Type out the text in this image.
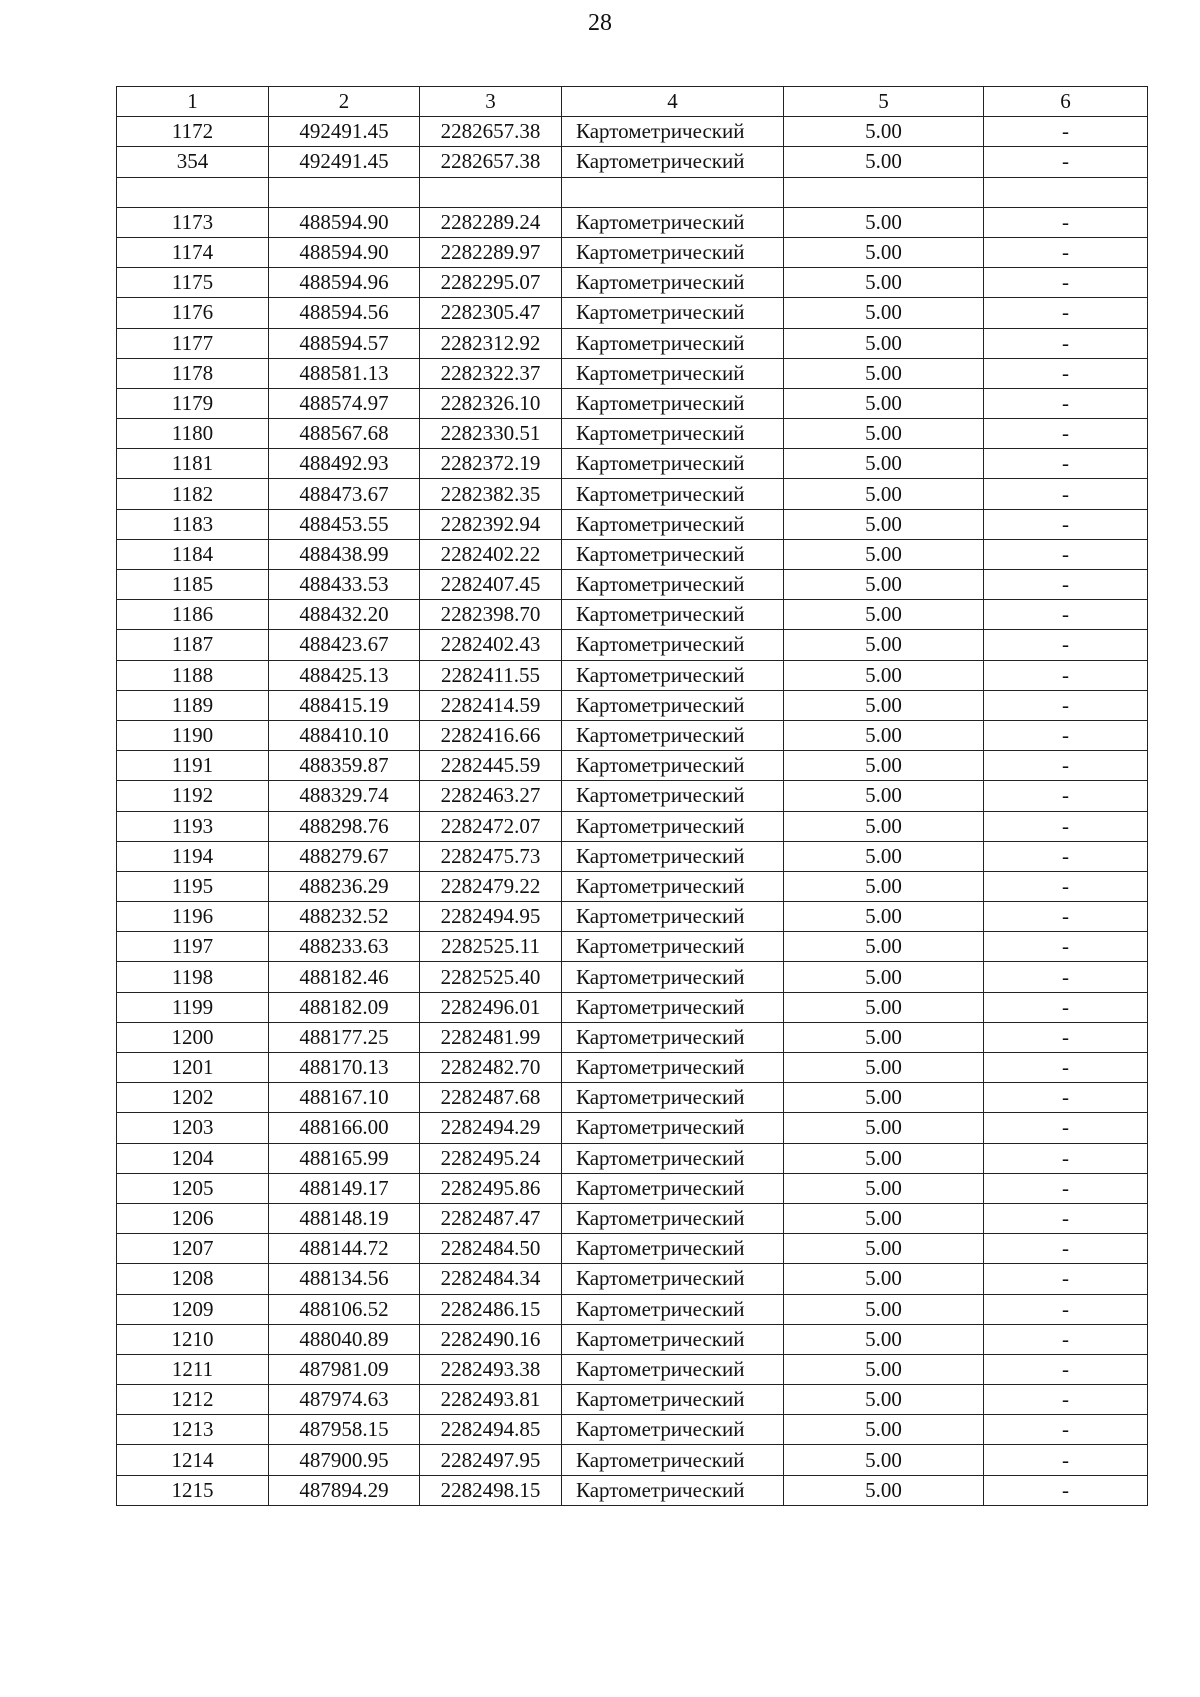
28
1	2	3	4	5	6
1172	492491.45	2282657.38	Картометрический	5.00	-
354	492491.45	2282657.38	Картометрический	5.00	-

1173	488594.90	2282289.24	Картометрический	5.00	-
1174	488594.90	2282289.97	Картометрический	5.00	-
1175	488594.96	2282295.07	Картометрический	5.00	-
1176	488594.56	2282305.47	Картометрический	5.00	-
1177	488594.57	2282312.92	Картометрический	5.00	-
1178	488581.13	2282322.37	Картометрический	5.00	-
1179	488574.97	2282326.10	Картометрический	5.00	-
1180	488567.68	2282330.51	Картометрический	5.00	-
1181	488492.93	2282372.19	Картометрический	5.00	-
1182	488473.67	2282382.35	Картометрический	5.00	-
1183	488453.55	2282392.94	Картометрический	5.00	-
1184	488438.99	2282402.22	Картометрический	5.00	-
1185	488433.53	2282407.45	Картометрический	5.00	-
1186	488432.20	2282398.70	Картометрический	5.00	-
1187	488423.67	2282402.43	Картометрический	5.00	-
1188	488425.13	2282411.55	Картометрический	5.00	-
1189	488415.19	2282414.59	Картометрический	5.00	-
1190	488410.10	2282416.66	Картометрический	5.00	-
1191	488359.87	2282445.59	Картометрический	5.00	-
1192	488329.74	2282463.27	Картометрический	5.00	-
1193	488298.76	2282472.07	Картометрический	5.00	-
1194	488279.67	2282475.73	Картометрический	5.00	-
1195	488236.29	2282479.22	Картометрический	5.00	-
1196	488232.52	2282494.95	Картометрический	5.00	-
1197	488233.63	2282525.11	Картометрический	5.00	-
1198	488182.46	2282525.40	Картометрический	5.00	-
1199	488182.09	2282496.01	Картометрический	5.00	-
1200	488177.25	2282481.99	Картометрический	5.00	-
1201	488170.13	2282482.70	Картометрический	5.00	-
1202	488167.10	2282487.68	Картометрический	5.00	-
1203	488166.00	2282494.29	Картометрический	5.00	-
1204	488165.99	2282495.24	Картометрический	5.00	-
1205	488149.17	2282495.86	Картометрический	5.00	-
1206	488148.19	2282487.47	Картометрический	5.00	-
1207	488144.72	2282484.50	Картометрический	5.00	-
1208	488134.56	2282484.34	Картометрический	5.00	-
1209	488106.52	2282486.15	Картометрический	5.00	-
1210	488040.89	2282490.16	Картометрический	5.00	-
1211	487981.09	2282493.38	Картометрический	5.00	-
1212	487974.63	2282493.81	Картометрический	5.00	-
1213	487958.15	2282494.85	Картометрический	5.00	-
1214	487900.95	2282497.95	Картометрический	5.00	-
1215	487894.29	2282498.15	Картометрический	5.00	-
